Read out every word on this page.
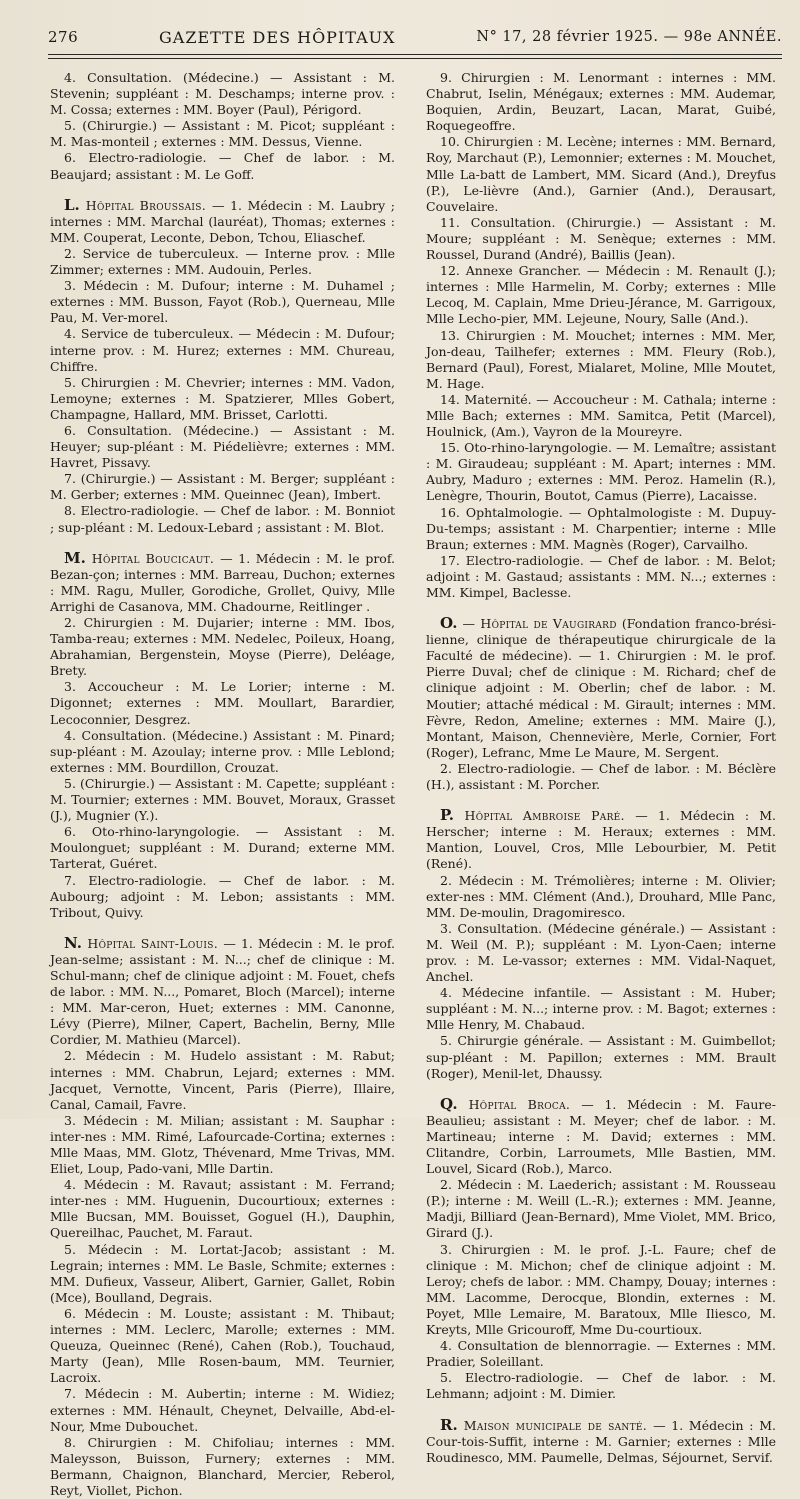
276	GAZETTE DES HÔPITAUX	N° 17, 28 février 1925. — 98e ANNÉE.

4. Consultation. (Médecine.) — Assistant : M. Stevenin; suppléant : M. Deschamps; interne prov. : M. Cossa; externes : MM. Boyer (Paul), Périgord.

5. (Chirurgie.) — Assistant : M. Picot; suppléant : M. Mas-monteil ; externes : MM. Dessus, Vienne.

6. Electro-radiologie. — Chef de labor. : M. Beaujard; assistant : M. Le Goff.

L. Hôpital Broussais. — 1. Médecin : M. Laubry ; internes : MM. Marchal (lauréat), Thomas; externes : MM. Couperat, Leconte, Debon, Tchou, Eliaschef.

2. Service de tuberculeux. — Interne prov. : Mlle Zimmer; externes : MM. Audouin, Perles.

3. Médecin : M. Dufour; interne : M. Duhamel ; externes : MM. Busson, Fayot (Rob.), Querneau, Mlle Pau, M. Ver-morel.

4. Service de tuberculeux. — Médecin : M. Dufour; interne prov. : M. Hurez; externes : MM. Chureau, Chiffre.

5. Chirurgien : M. Chevrier; internes : MM. Vadon, Lemoyne; externes : M. Spatzierer, Mlles Gobert, Champagne, Hallard, MM. Brisset, Carlotti.

6. Consultation. (Médecine.) — Assistant : M. Heuyer; sup-pléant : M. Piédelièvre; externes : MM. Havret, Pissavy.

7. (Chirurgie.) — Assistant : M. Berger; suppléant : M. Gerber; externes : MM. Queinnec (Jean), Imbert.

8. Electro-radiologie. — Chef de labor. : M. Bonniot ; sup-pléant : M. Ledoux-Lebard ; assistant : M. Blot.

M. Hôpital Boucicaut. — 1. Médecin : M. le prof. Bezan-çon; internes : MM. Barreau, Duchon; externes : MM. Ragu, Muller, Gorodiche, Grollet, Quivy, Mlle Arrighi de Casanova, MM. Chadourne, Reitlinger .

2. Chirurgien : M. Dujarier; interne : MM. Ibos, Tamba-reau; externes : MM. Nedelec, Poileux, Hoang, Abrahamian, Bergenstein, Moyse (Pierre), Deléage, Brety.

3. Accoucheur : M. Le Lorier; interne : M. Digonnet; externes : MM. Moullart, Barardier, Lecoconnier, Desgrez.

4. Consultation. (Médecine.) Assistant : M. Pinard; sup-pléant : M. Azoulay; interne prov. : Mlle Leblond; externes : MM. Bourdillon, Crouzat.

5. (Chirurgie.) — Assistant : M. Capette; suppléant : M. Tournier; externes : MM. Bouvet, Moraux, Grasset (J.), Mugnier (Y.).

6. Oto-rhino-laryngologie. — Assistant : M. Moulonguet; suppléant : M. Durand; externe MM. Tarterat, Guéret.

7. Electro-radiologie. — Chef de labor. : M. Aubourg; adjoint : M. Lebon; assistants : MM. Tribout, Quivy.

N. Hôpital Saint-Louis. — 1. Médecin : M. le prof. Jean-selme; assistant : M. N...; chef de clinique : M. Schul-mann; chef de clinique adjoint : M. Fouet, chefs de labor. : MM. N..., Pomaret, Bloch (Marcel); interne : MM. Mar-ceron, Huet; externes : MM. Canonne, Lévy (Pierre), Milner, Capert, Bachelin, Berny, Mlle Cordier, M. Mathieu (Marcel).

2. Médecin : M. Hudelo assistant : M. Rabut; internes : MM. Chabrun, Lejard; externes : MM. Jacquet, Vernotte, Vincent, Paris (Pierre), Illaire, Canal, Camail, Favre.

3. Médecin : M. Milian; assistant : M. Sauphar : inter-nes : MM. Rimé, Lafourcade-Cortina; externes : Mlle Maas, MM. Glotz, Thévenard, Mme Trivas, MM. Eliet, Loup, Pado-vani, Mlle Dartin.

4. Médecin : M. Ravaut; assistant : M. Ferrand; inter-nes : MM. Huguenin, Ducourtioux; externes : Mlle Bucsan, MM. Bouisset, Goguel (H.), Dauphin, Quereilhac, Pauchet, M. Faraut.

5. Médecin : M. Lortat-Jacob; assistant : M. Legrain; internes : MM. Le Basle, Schmite; externes : MM. Dufieux, Vasseur, Alibert, Garnier, Gallet, Robin (Mce), Boulland, Degrais.

6. Médecin : M. Louste; assistant : M. Thibaut; internes : MM. Leclerc, Marolle; externes : MM. Queuza, Queinnec (René), Cahen (Rob.), Touchaud, Marty (Jean), Mlle Rosen-baum, MM. Teurnier, Lacroix.

7. Médecin : M. Aubertin; interne : M. Widiez; externes : MM. Hénault, Cheynet, Delvaille, Abd-el-Nour, Mme Dubouchet.

8. Chirurgien : M. Chifoliau; internes : MM. Maleysson, Buisson, Furnery; externes : MM. Bermann, Chaignon, Blanchard, Mercier, Reberol, Reyt, Viollet, Pichon.

9. Chirurgien : M. Lenormant : internes : MM. Chabrut, Iselin, Ménégaux; externes : MM. Audemar, Boquien, Ardin, Beuzart, Lacan, Marat, Guibé, Roquegeoffre.

10. Chirurgien : M. Lecène; internes : MM. Bernard, Roy, Marchaut (P.), Lemonnier; externes : M. Mouchet, Mlle La-batt de Lambert, MM. Sicard (And.), Dreyfus (P.), Le-lièvre (And.), Garnier (And.), Derausart, Couvelaire.

11. Consultation. (Chirurgie.) — Assistant : M. Moure; suppléant : M. Senèque; externes : MM. Roussel, Durand (André), Baillis (Jean).

12. Annexe Grancher. — Médecin : M. Renault (J.); internes : Mlle Harmelin, M. Corby; externes : Mlle Lecoq, M. Caplain, Mme Drieu-Jérance, M. Garrigoux, Mlle Lecho-pier, MM. Lejeune, Noury, Salle (And.).

13. Chirurgien : M. Mouchet; internes : MM. Mer, Jon-deau, Tailhefer; externes : MM. Fleury (Rob.), Bernard (Paul), Forest, Mialaret, Moline, Mlle Moutet, M. Hage.

14. Maternité. — Accoucheur : M. Cathala; interne : Mlle Bach; externes : MM. Samitca, Petit (Marcel), Houlnick, (Am.), Vayron de la Moureyre.

15. Oto-rhino-laryngologie. — M. Lemaître; assistant : M. Giraudeau; suppléant : M. Apart; internes : MM. Aubry, Maduro ; externes : MM. Peroz. Hamelin (R.), Lenègre, Thourin, Boutot, Camus (Pierre), Lacaisse.

16. Ophtalmologie. — Ophtalmologiste : M. Dupuy-Du-temps; assistant : M. Charpentier; interne : Mlle Braun; externes : MM. Magnès (Roger), Carvailho.

17. Electro-radiologie. — Chef de labor. : M. Belot; adjoint : M. Gastaud; assistants : MM. N...; externes : MM. Kimpel, Baclesse.

O. — Hôpital de Vaugirard (Fondation franco-brési-lienne, clinique de thérapeutique chirurgicale de la Faculté de médecine). — 1. Chirurgien : M. le prof. Pierre Duval; chef de clinique : M. Richard; chef de clinique adjoint : M. Oberlin; chef de labor. : M. Moutier; attaché médical : M. Girault; internes : MM. Fèvre, Redon, Ameline; externes : MM. Maire (J.), Montant, Maison, Chennevière, Merle, Cornier, Fort (Roger), Lefranc, Mme Le Maure, M. Sergent.

2. Electro-radiologie. — Chef de labor. : M. Béclère (H.), assistant : M. Porcher.

P. Hôpital Ambroise Paré. — 1. Médecin : M. Herscher; interne : M. Heraux; externes : MM. Mantion, Louvel, Cros, Mlle Lebourbier, M. Petit (René).

2. Médecin : M. Trémolières; interne : M. Olivier; exter-nes : MM. Clément (And.), Drouhard, Mlle Panc, MM. De-moulin, Dragomiresco.

3. Consultation. (Médecine générale.) — Assistant : M. Weil (M. P.); suppléant : M. Lyon-Caen; interne prov. : M. Le-vassor; externes : MM. Vidal-Naquet, Anchel.

4. Médecine infantile. — Assistant : M. Huber; suppléant : M. N...; interne prov. : M. Bagot; externes : Mlle Henry, M. Chabaud.

5. Chirurgie générale. — Assistant : M. Guimbellot; sup-pléant : M. Papillon; externes : MM. Brault (Roger), Menil-let, Dhaussy.

Q. Hôpital Broca. — 1. Médecin : M. Faure-Beaulieu; assistant : M. Meyer; chef de labor. : M. Martineau; interne : M. David; externes : MM. Clitandre, Corbin, Larroumets, Mlle Bastien, MM. Louvel, Sicard (Rob.), Marco.

2. Médecin : M. Laederich; assistant : M. Rousseau (P.); interne : M. Weill (L.-R.); externes : MM. Jeanne, Madji, Billiard (Jean-Bernard), Mme Violet, MM. Brico, Girard (J.).

3. Chirurgien : M. le prof. J.-L. Faure; chef de clinique : M. Michon; chef de clinique adjoint : M. Leroy; chefs de labor. : MM. Champy, Douay; internes : MM. Lacomme, Derocque, Blondin, externes : M. Poyet, Mlle Lemaire, M. Baratoux, Mlle Iliesco, M. Kreyts, Mlle Gricouroff, Mme Du-courtioux.

4. Consultation de blennorragie. — Externes : MM. Pradier, Soleillant.

5. Electro-radiologie. — Chef de labor. : M. Lehmann; adjoint : M. Dimier.

R. Maison municipale de santé. — 1. Médecin : M. Cour-tois-Suffit, interne : M. Garnier; externes : Mlle Roudinesco, MM. Paumelle, Delmas, Séjournet, Servif.
